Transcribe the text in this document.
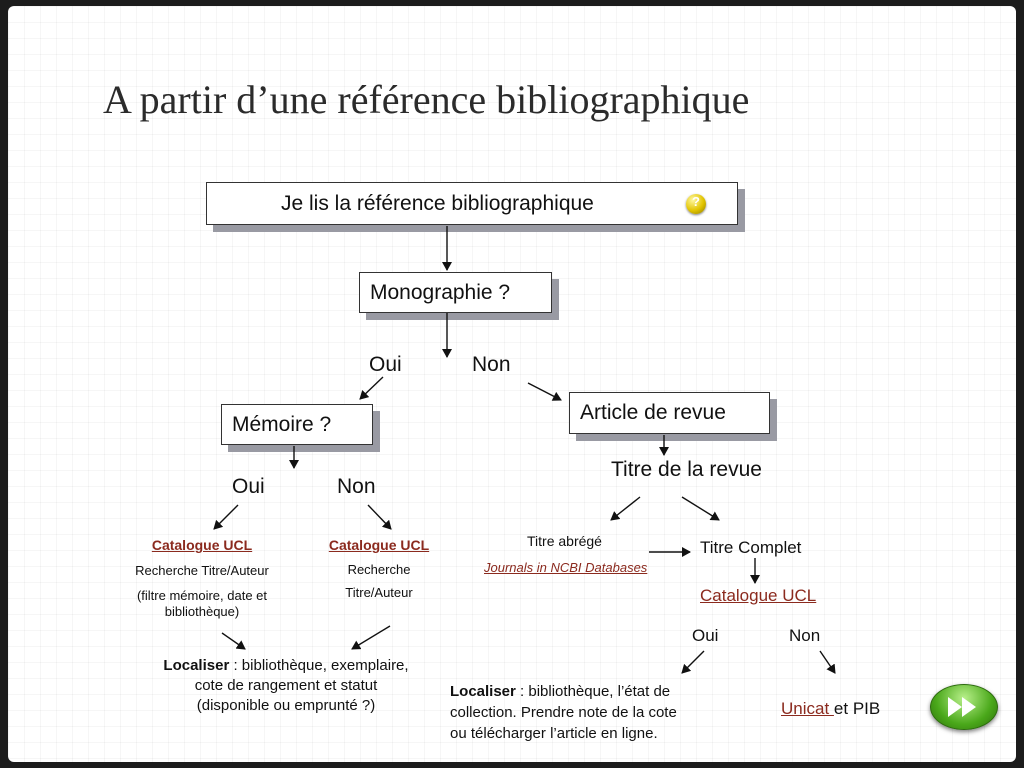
A partir d’une référence bibliographique
Je lis la référence bibliographique	?
Monographie ?
Mémoire ?	Article de revue
Oui	Non
Oui	Non
Catalogue UCL
Recherche Titre/Auteur
(filtre mémoire, date et
bibliothèque)
Catalogue UCL
Recherche
Titre/Auteur
Localiser : bibliothèque, exemplaire,
cote de rangement et statut
(disponible ou emprunté ?)
Titre de la revue
Titre abrégé
Journals in NCBI Databases
Titre Complet
Catalogue UCL
Oui	Non
Localiser : bibliothèque, l’état de
collection. Prendre note de la cote
ou télécharger l’article en ligne.
Unicat et PIB
